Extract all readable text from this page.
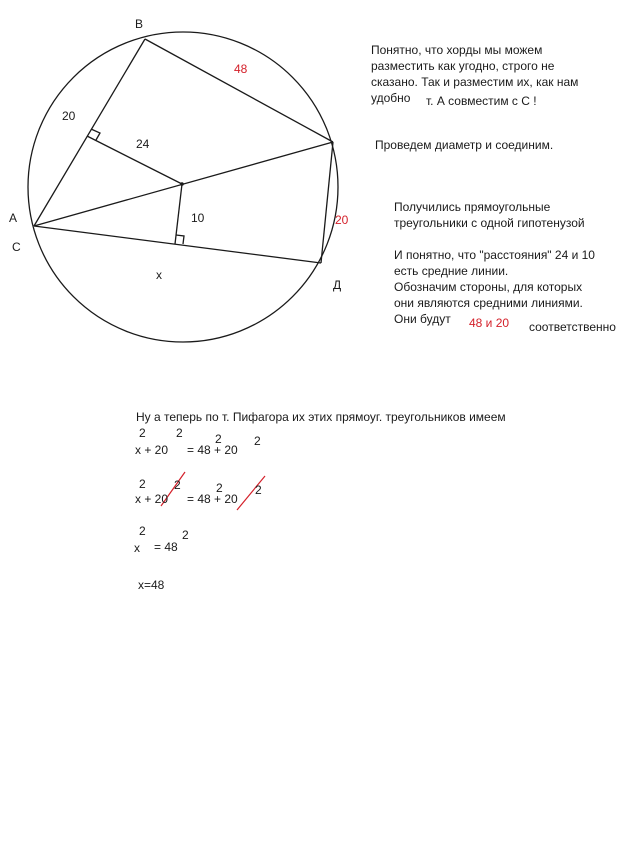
B
A
C
Д
20
24
10
x
48
20
Понятно, что хорды мы можем
разместить как угодно, строго не
сказано. Так и разместим их, как нам
удобно т. А совместим с С !
Проведем диаметр и соединим.
Получились прямоугольные
треугольники с одной гипотенузой
И понятно, что "расстояния" 24 и 10
есть средние линии.
Обозначим стороны, для которых
они являются средними линиями.
Они будут 48 и 20 соответственно
Ну а теперь по т. Пифагора их этих прямоуг. треугольников имеем
2	2	2	2
x + 20 = 48 + 20
2 2	2	2
x + 20 = 48 + 20
2	2
x = 48
x=48
